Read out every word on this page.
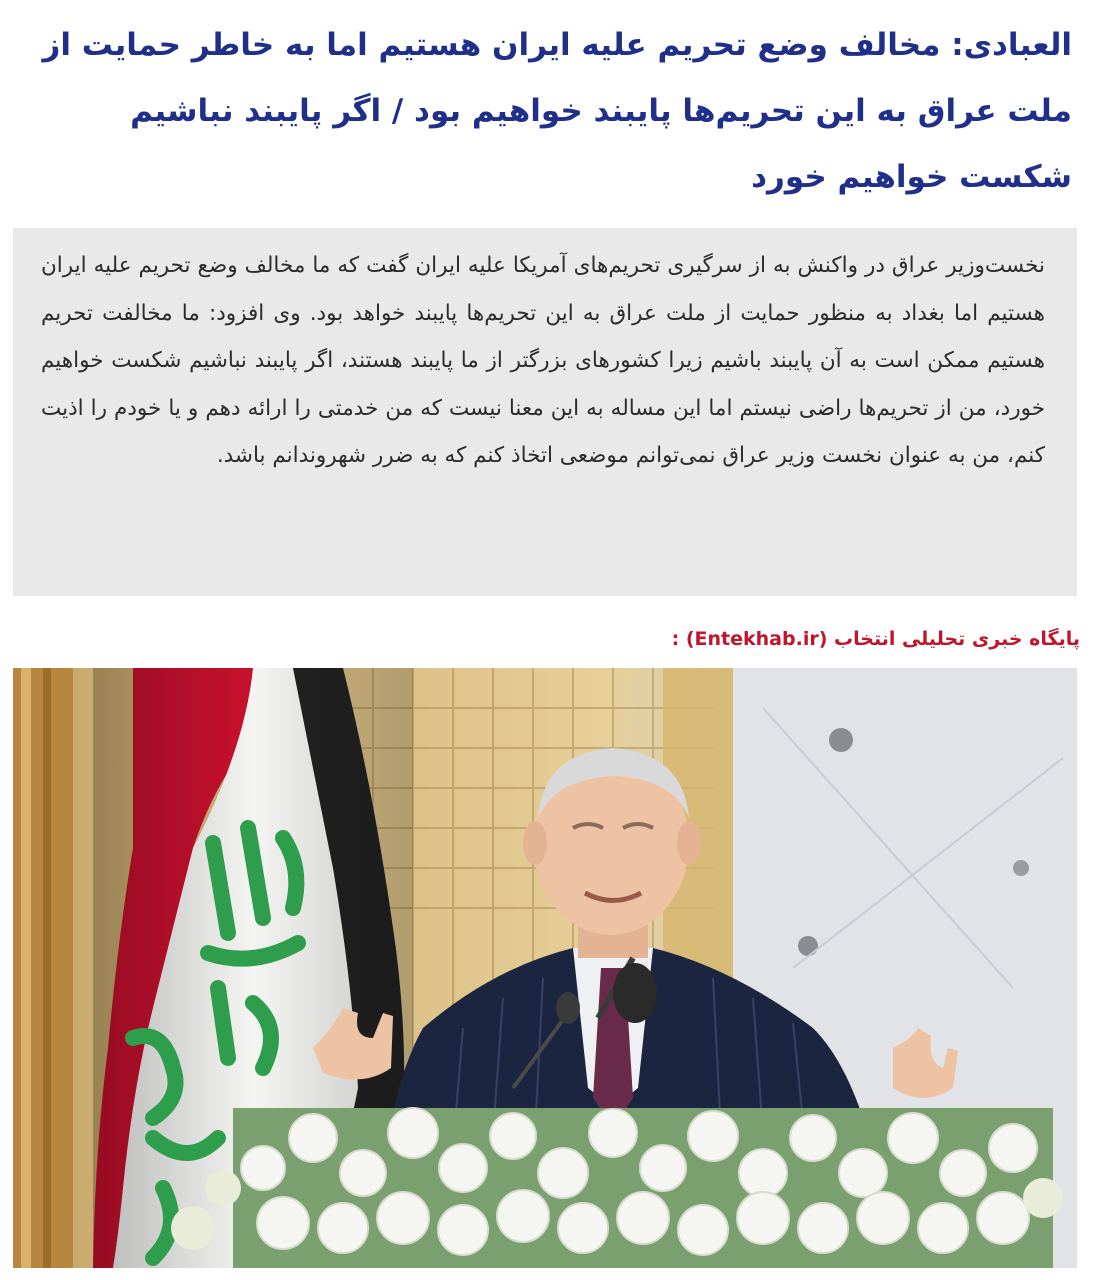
العبادی: مخالف وضع تحریم علیه ایران هستیم اما به خاطر حمایت از ملت عراق به این تحریم‌ها پایبند خواهیم بود / اگر پایبند نباشیم شکست خواهیم خورد

نخست‌وزیر عراق در واکنش به از سرگیری تحریم‌های آمریکا علیه ایران گفت که ما مخالف وضع تحریم علیه ایران هستیم اما بغداد به منظور حمایت از ملت عراق به این تحریم‌ها پایبند خواهد بود. وی افزود: ما مخالفت تحریم هستیم ممکن است به آن پایبند باشیم زیرا کشورهای بزرگتر از ما پایبند هستند، اگر پایبند نباشیم شکست خواهیم خورد، من از تحریم‌ها راضی نیستم اما این مساله به این معنا نیست که من خدمتی را ارائه دهم و یا خودم را اذیت کنم، من به عنوان نخست وزیر عراق نمی‌توانم موضعی اتخاذ کنم که به ضرر شهروندانم باشد.

پایگاه خبری تحلیلی انتخاب (Entekhab.ir) :
